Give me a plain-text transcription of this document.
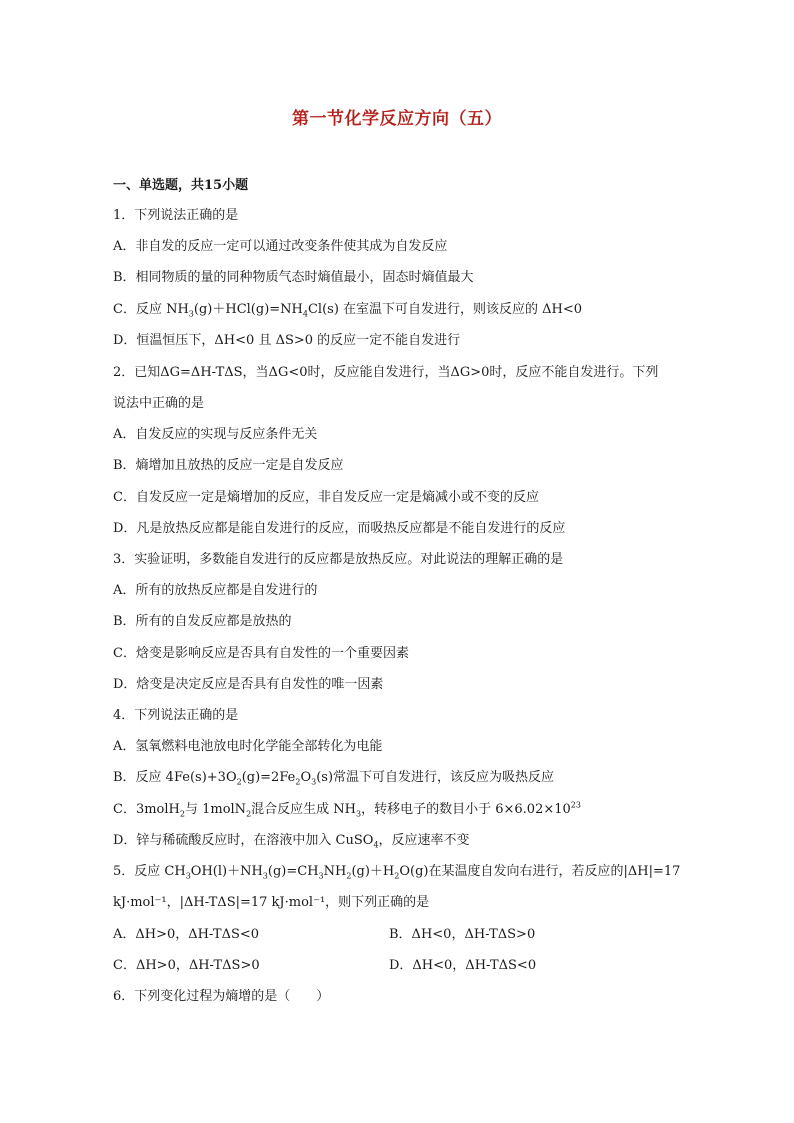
第一节化学反应方向（五）
一、单选题，共15小题
1．下列说法正确的是
A．非自发的反应一定可以通过改变条件使其成为自发反应
B．相同物质的量的同种物质气态时熵值最小，固态时熵值最大
C．反应 $NH_3(g)+HCl(g)=NH_4Cl(s)$ 在室温下可自发进行，则该反应的 ΔH<0
D．恒温恒压下，ΔH<0 且 ΔS>0 的反应一定不能自发进行
2．已知ΔG=ΔH-TΔS，当ΔG<0时，反应能自发进行，当ΔG>0时，反应不能自发进行。下列
说法中正确的是
A．自发反应的实现与反应条件无关
B．熵增加且放热的反应一定是自发反应
C．自发反应一定是熵增加的反应，非自发反应一定是熵减小或不变的反应
D．凡是放热反应都是能自发进行的反应，而吸热反应都是不能自发进行的反应
3．实验证明，多数能自发进行的反应都是放热反应。对此说法的理解正确的是
A．所有的放热反应都是自发进行的
B．所有的自发反应都是放热的
C．焓变是影响反应是否具有自发性的一个重要因素
D．焓变是决定反应是否具有自发性的唯一因素
4．下列说法正确的是
A．氢氧燃料电池放电时化学能全部转化为电能
B．反应 $4Fe(s)+3O_2(g)=2Fe_2O_3(s)$常温下可自发进行，该反应为吸热反应
C．3molH$_2$与 1molN$_2$混合反应生成 $NH_3$，转移电子的数目小于 $6\times 6.02\times 10^{23}$
D．锌与稀硫酸反应时，在溶液中加入 CuSO$_4$，反应速率不变
5．反应 $CH_3OH(l)+NH_3(g)=CH_3NH_2(g)+H_2O(g)$在某温度自发向右进行，若反应的|ΔH|=17
kJ·mol⁻¹，|ΔH-TΔS|=17 kJ·mol⁻¹，则下列正确的是
A．ΔH>0，ΔH-TΔS<0	B．ΔH<0，ΔH-TΔS>0
C．ΔH>0，ΔH-TΔS>0	D．ΔH<0，ΔH-TΔS<0
6．下列变化过程为熵增的是（　　）
